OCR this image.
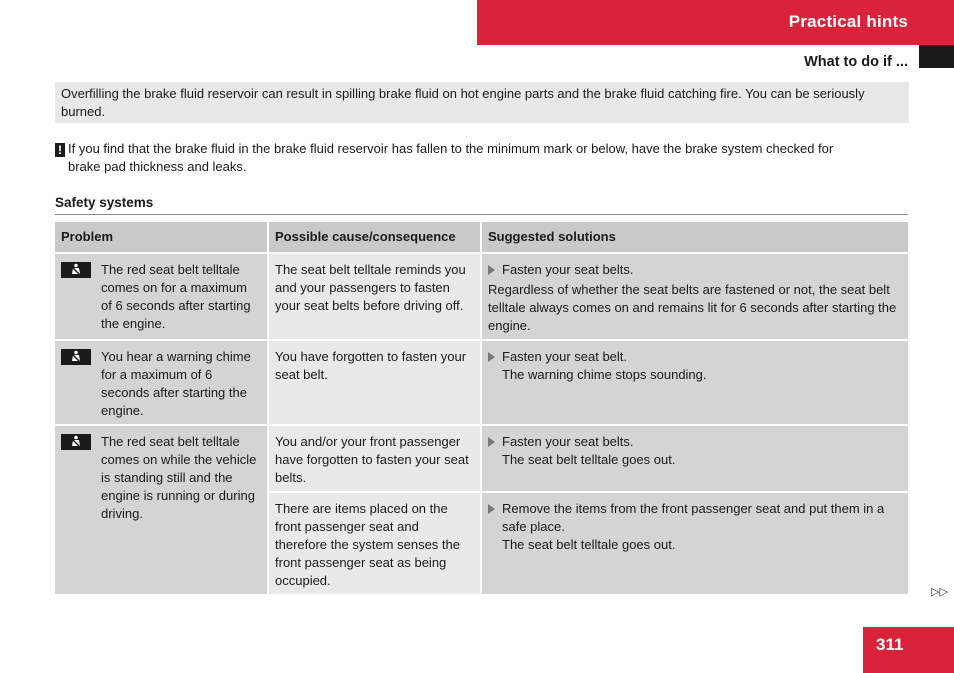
Practical hints
What to do if ...
Overfilling the brake fluid reservoir can result in spilling brake fluid on hot engine parts and the brake fluid catching fire. You can be seriously burned.
! If you find that the brake fluid in the brake fluid reservoir has fallen to the minimum mark or below, have the brake system checked for
brake pad thickness and leaks.
Safety systems
Problem	Possible cause/consequence	Suggested solutions

The red seat belt telltale comes on for a maximum of 6 seconds after starting the engine.	The seat belt telltale reminds you and your passengers to fasten your seat belts before driving off.	Fasten your seat belts.
Regardless of whether the seat belts are fastened or not, the seat belt telltale always comes on and remains lit for 6 seconds after starting the engine.

You hear a warning chime for a maximum of 6 seconds after starting the engine.	You have forgotten to fasten your seat belt.	Fasten your seat belt.
The warning chime stops sounding.

The red seat belt telltale comes on while the vehicle is standing still and the engine is running or during driving.	You and/or your front passenger have forgotten to fasten your seat belts.	Fasten your seat belts.
The seat belt telltale goes out.

	There are items placed on the front passenger seat and therefore the system senses the front passenger seat as being occupied.	Remove the items from the front passenger seat and put them in a safe place.
The seat belt telltale goes out.
▷▷
311
